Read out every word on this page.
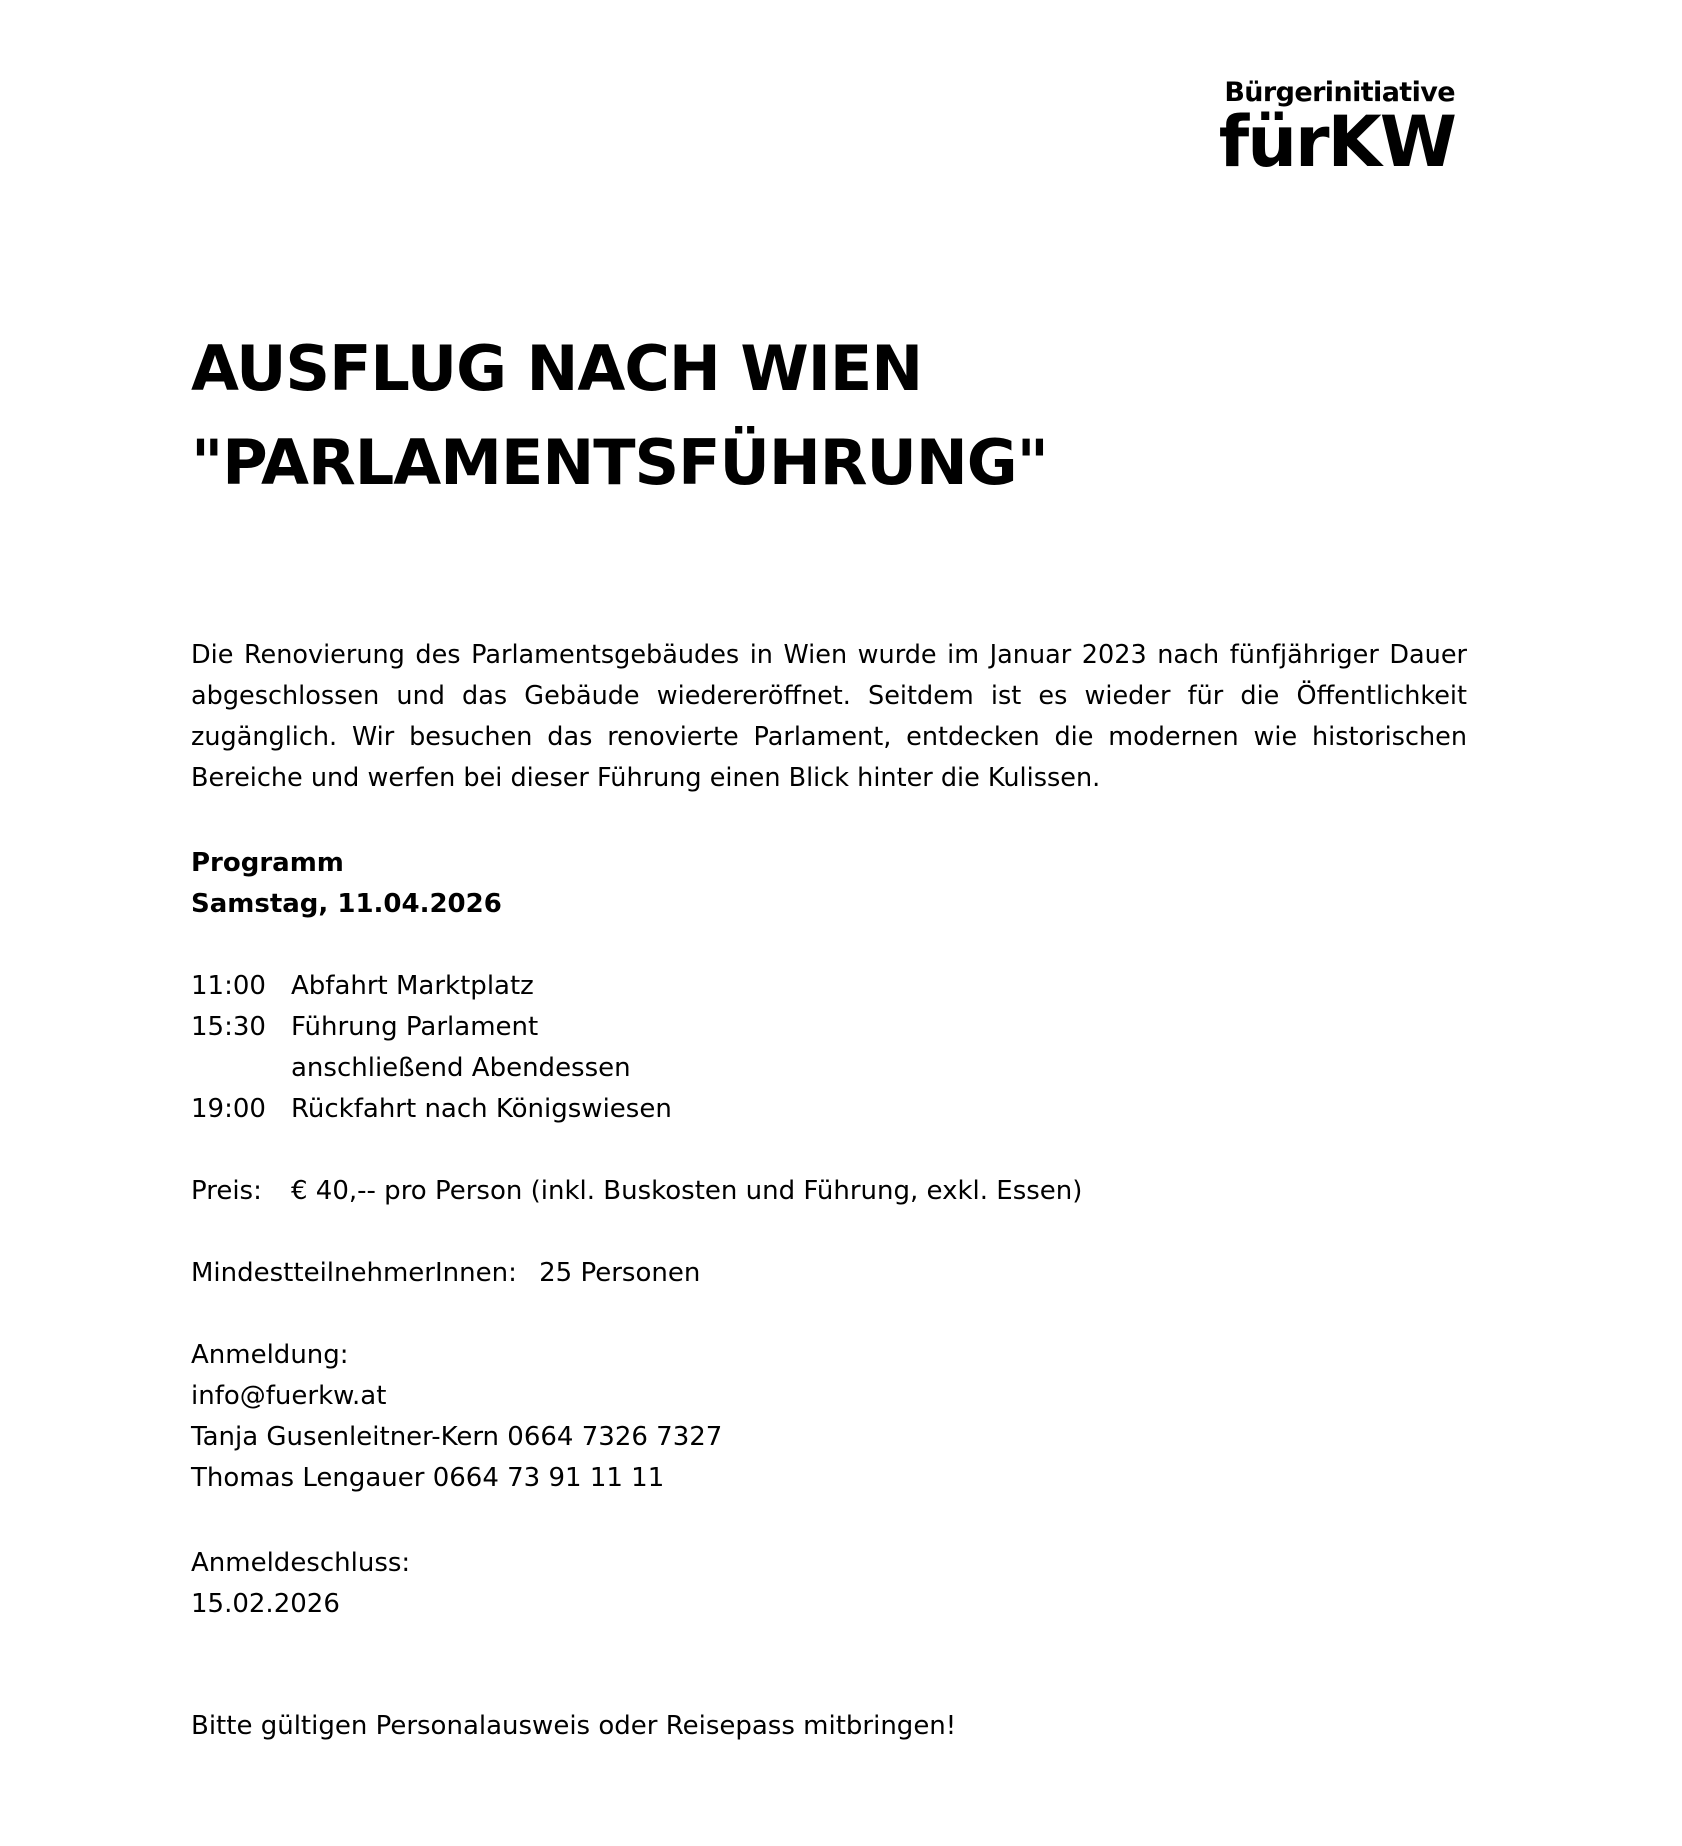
Bürgerinitiative
fürKW
AUSFLUG NACH WIEN
"PARLAMENTSFÜHRUNG"

Die Renovierung des Parlamentsgebäudes in Wien wurde im Januar 2023 nach fünfjähriger Dauer abgeschlossen und das Gebäude wiedereröffnet. Seitdem ist es wieder für die Öffentlichkeit zugänglich. Wir besuchen das renovierte Parlament, entdecken die modernen wie historischen Bereiche und werfen bei dieser Führung einen Blick hinter die Kulissen.

Programm
Samstag, 11.04.2026
11:00 Abfahrt Marktplatz
15:30 Führung Parlament
anschließend Abendessen
19:00 Rückfahrt nach Königswiesen
Preis:	€ 40,-- pro Person (inkl. Buskosten und Führung, exkl. Essen)
MindestteilnehmerInnen: 25 Personen
Anmeldung:
info@fuerkw.at
Tanja Gusenleitner-Kern 0664 7326 7327
Thomas Lengauer 0664 73 91 11 11
Anmeldeschluss:
15.02.2026
Bitte gültigen Personalausweis oder Reisepass mitbringen!
